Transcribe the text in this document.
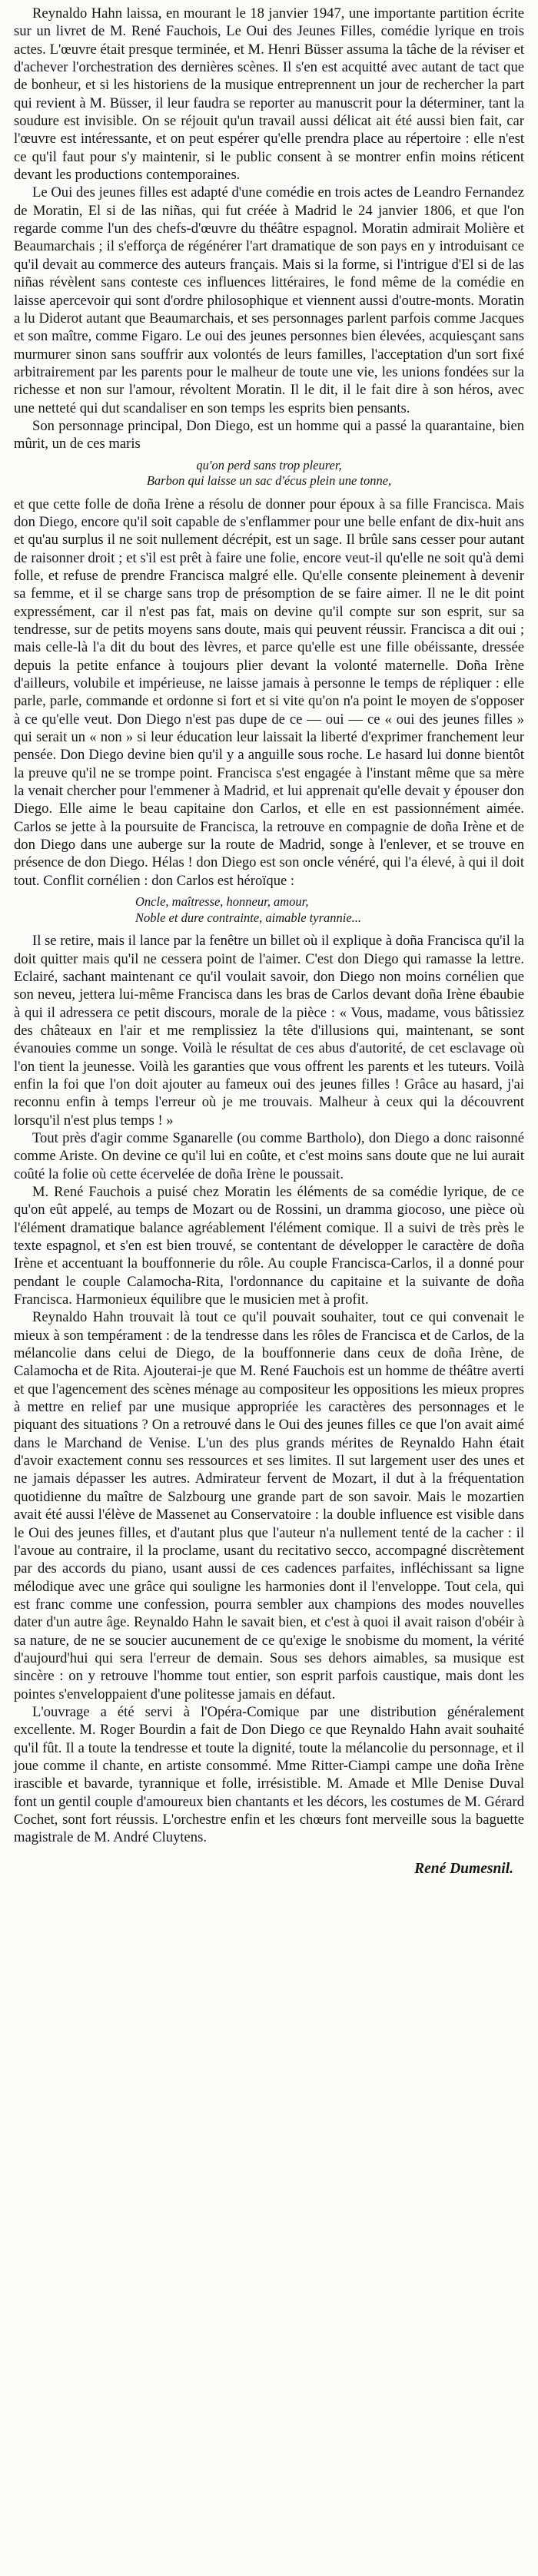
Reynaldo Hahn laissa, en mourant le 18 janvier 1947, une importante partition écrite sur un livret de M. René Fauchois, Le Oui des Jeunes Filles, comédie lyrique en trois actes. L'œuvre était presque terminée, et M. Henri Büsser assuma la tâche de la réviser et d'achever l'orchestration des dernières scènes. Il s'en est acquitté avec autant de tact que de bonheur, et si les historiens de la musique entreprennent un jour de rechercher la part qui revient à M. Büsser, il leur faudra se reporter au manuscrit pour la déterminer, tant la soudure est invisible. On se réjouit qu'un travail aussi délicat ait été aussi bien fait, car l'œuvre est intéressante, et on peut espérer qu'elle prendra place au répertoire : elle n'est ce qu'il faut pour s'y maintenir, si le public consent à se montrer enfin moins réticent devant les productions contemporaines.

Le Oui des jeunes filles est adapté d'une comédie en trois actes de Leandro Fernandez de Moratin, El si de las niñas, qui fut créée à Madrid le 24 janvier 1806, et que l'on regarde comme l'un des chefs-d'œuvre du théâtre espagnol. Moratin admirait Molière et Beaumarchais ; il s'efforça de régénérer l'art dramatique de son pays en y introduisant ce qu'il devait au commerce des auteurs français. Mais si la forme, si l'intrigue d'El si de las niñas révèlent sans conteste ces influences littéraires, le fond même de la comédie en laisse apercevoir qui sont d'ordre philosophique et viennent aussi d'outre-monts. Moratin a lu Diderot autant que Beaumarchais, et ses personnages parlent parfois comme Jacques et son maître, comme Figaro. Le oui des jeunes personnes bien élevées, acquiesçant sans murmurer sinon sans souffrir aux volontés de leurs familles, l'acceptation d'un sort fixé arbitrairement par les parents pour le malheur de toute une vie, les unions fondées sur la richesse et non sur l'amour, révoltent Moratin. Il le dit, il le fait dire à son héros, avec une netteté qui dut scandaliser en son temps les esprits bien pensants.

Son personnage principal, Don Diego, est un homme qui a passé la quarantaine, bien mûrit, un de ces maris

qu'on perd sans trop pleurer,
Barbon qui laisse un sac d'écus plein une tonne,

et que cette folle de doña Irène a résolu de donner pour époux à sa fille Francisca. Mais don Diego, encore qu'il soit capable de s'enflammer pour une belle enfant de dix-huit ans et qu'au surplus il ne soit nullement décrépit, est un sage. Il brûle sans cesser pour autant de raisonner droit ; et s'il est prêt à faire une folie, encore veut-il qu'elle ne soit qu'à demi folle, et refuse de prendre Francisca malgré elle. Qu'elle consente pleinement à devenir sa femme, et il se charge sans trop de présomption de se faire aimer. Il ne le dit point expressément, car il n'est pas fat, mais on devine qu'il compte sur son esprit, sur sa tendresse, sur de petits moyens sans doute, mais qui peuvent réussir. Francisca a dit oui ; mais celle-là l'a dit du bout des lèvres, et parce qu'elle est une fille obéissante, dressée depuis la petite enfance à toujours plier devant la volonté maternelle. Doña Irène d'ailleurs, volubile et impérieuse, ne laisse jamais à personne le temps de répliquer : elle parle, parle, commande et ordonne si fort et si vite qu'on n'a point le moyen de s'opposer à ce qu'elle veut. Don Diego n'est pas dupe de ce — oui — ce « oui des jeunes filles » qui serait un « non » si leur éducation leur laissait la liberté d'exprimer franchement leur pensée. Don Diego devine bien qu'il y a anguille sous roche. Le hasard lui donne bientôt la preuve qu'il ne se trompe point. Francisca s'est engagée à l'instant même que sa mère la venait chercher pour l'emmener à Madrid, et lui apprenait qu'elle devait y épouser don Diego. Elle aime le beau capitaine don Carlos, et elle en est passionnément aimée. Carlos se jette à la poursuite de Francisca, la retrouve en compagnie de doña Irène et de don Diego dans une auberge sur la route de Madrid, songe à l'enlever, et se trouve en présence de don Diego. Hélas ! don Diego est son oncle vénéré, qui l'a élevé, à qui il doit tout. Conflit cornélien : don Carlos est héroïque :

Oncle, maîtresse, honneur, amour,
Noble et dure contrainte, aimable tyrannie...

Il se retire, mais il lance par la fenêtre un billet où il explique à doña Francisca qu'il la doit quitter mais qu'il ne cessera point de l'aimer. C'est don Diego qui ramasse la lettre. Eclairé, sachant maintenant ce qu'il voulait savoir, don Diego non moins cornélien que son neveu, jettera lui-même Francisca dans les bras de Carlos devant doña Irène ébaubie à qui il adressera ce petit discours, morale de la pièce : « Vous, madame, vous bâtissiez des châteaux en l'air et me remplissiez la tête d'illusions qui, maintenant, se sont évanouies comme un songe. Voilà le résultat de ces abus d'autorité, de cet esclavage où l'on tient la jeunesse. Voilà les garanties que vous offrent les parents et les tuteurs. Voilà enfin la foi que l'on doit ajouter au fameux oui des jeunes filles ! Grâce au hasard, j'ai reconnu enfin à temps l'erreur où je me trouvais. Malheur à ceux qui la découvrent lorsqu'il n'est plus temps ! »

Tout près d'agir comme Sganarelle (ou comme Bartholo), don Diego a donc raisonné comme Ariste. On devine ce qu'il lui en coûte, et c'est moins sans doute que ne lui aurait coûté la folie où cette écervelée de doña Irène le poussait.

M. René Fauchois a puisé chez Moratin les éléments de sa comédie lyrique, de ce qu'on eût appelé, au temps de Mozart ou de Rossini, un dramma giocoso, une pièce où l'élément dramatique balance agréablement l'élément comique. Il a suivi de très près le texte espagnol, et s'en est bien trouvé, se contentant de développer le caractère de doña Irène et accentuant la bouffonnerie du rôle. Au couple Francisca-Carlos, il a donné pour pendant le couple Calamocha-Rita, l'ordonnance du capitaine et la suivante de doña Francisca. Harmonieux équilibre que le musicien met à profit.

Reynaldo Hahn trouvait là tout ce qu'il pouvait souhaiter, tout ce qui convenait le mieux à son tempérament : de la tendresse dans les rôles de Francisca et de Carlos, de la mélancolie dans celui de Diego, de la bouffonnerie dans ceux de doña Irène, de Calamocha et de Rita. Ajouterai-je que M. René Fauchois est un homme de théâtre averti et que l'agencement des scènes ménage au compositeur les oppositions les mieux propres à mettre en relief par une musique appropriée les caractères des personnages et le piquant des situations ? On a retrouvé dans le Oui des jeunes filles ce que l'on avait aimé dans le Marchand de Venise. L'un des plus grands mérites de Reynaldo Hahn était d'avoir exactement connu ses ressources et ses limites. Il sut largement user des unes et ne jamais dépasser les autres. Admirateur fervent de Mozart, il dut à la fréquentation quotidienne du maître de Salzbourg une grande part de son savoir. Mais le mozartien avait été aussi l'élève de Massenet au Conservatoire : la double influence est visible dans le Oui des jeunes filles, et d'autant plus que l'auteur n'a nullement tenté de la cacher : il l'avoue au contraire, il la proclame, usant du recitativo secco, accompagné discrètement par des accords du piano, usant aussi de ces cadences parfaites, infléchissant sa ligne mélodique avec une grâce qui souligne les harmonies dont il l'enveloppe. Tout cela, qui est franc comme une confession, pourra sembler aux champions des modes nouvelles dater d'un autre âge. Reynaldo Hahn le savait bien, et c'est à quoi il avait raison d'obéir à sa nature, de ne se soucier aucunement de ce qu'exige le snobisme du moment, la vérité d'aujourd'hui qui sera l'erreur de demain. Sous ses dehors aimables, sa musique est sincère : on y retrouve l'homme tout entier, son esprit parfois caustique, mais dont les pointes s'enveloppaient d'une politesse jamais en défaut.

L'ouvrage a été servi à l'Opéra-Comique par une distribution généralement excellente. M. Roger Bourdin a fait de Don Diego ce que Reynaldo Hahn avait souhaité qu'il fût. Il a toute la tendresse et toute la dignité, toute la mélancolie du personnage, et il joue comme il chante, en artiste consommé. Mme Ritter-Ciampi campe une doña Irène irascible et bavarde, tyrannique et folle, irrésistible. M. Amade et Mlle Denise Duval font un gentil couple d'amoureux bien chantants et les décors, les costumes de M. Gérard Cochet, sont fort réussis. L'orchestre enfin et les chœurs font merveille sous la baguette magistrale de M. André Cluytens.

René Dumesnil.
